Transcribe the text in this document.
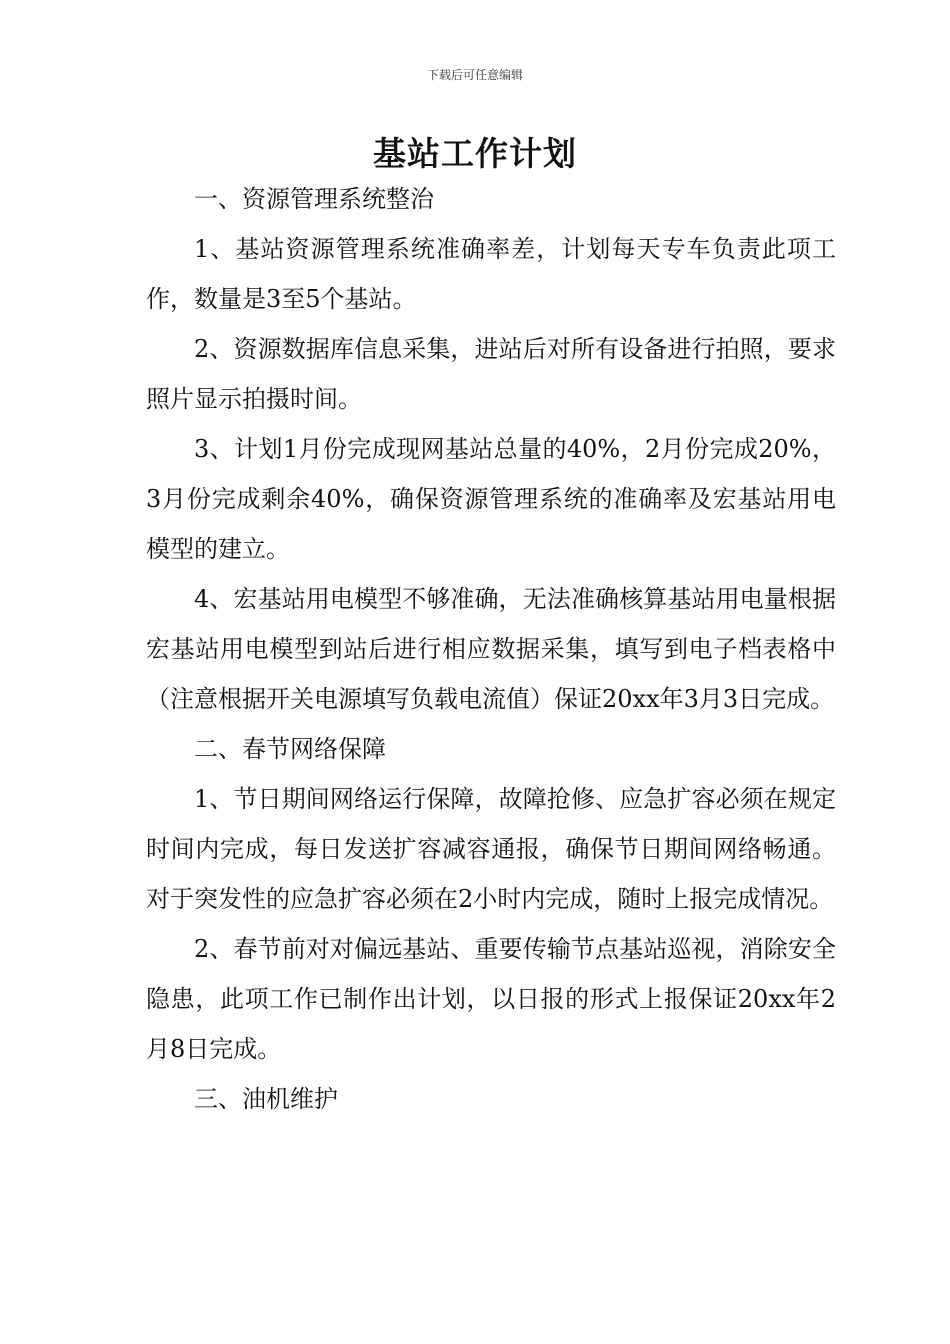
下载后可任意编辑
基站工作计划

一、资源管理系统整治

1、基站资源管理系统准确率差，计划每天专车负责此项工作，数量是3至5个基站。

2、资源数据库信息采集，进站后对所有设备进行拍照，要求照片显示拍摄时间。

3、计划1月份完成现网基站总量的40%，2月份完成20%，3月份完成剩余40%，确保资源管理系统的准确率及宏基站用电模型的建立。

4、宏基站用电模型不够准确，无法准确核算基站用电量根据宏基站用电模型到站后进行相应数据采集，填写到电子档表格中（注意根据开关电源填写负载电流值）保证20xx年3月3日完成。

二、春节网络保障

1、节日期间网络运行保障，故障抢修、应急扩容必须在规定时间内完成，每日发送扩容减容通报，确保节日期间网络畅通。对于突发性的应急扩容必须在2小时内完成，随时上报完成情况。

2、春节前对对偏远基站、重要传输节点基站巡视，消除安全隐患，此项工作已制作出计划，以日报的形式上报保证20xx年2月8日完成。

三、油机维护
